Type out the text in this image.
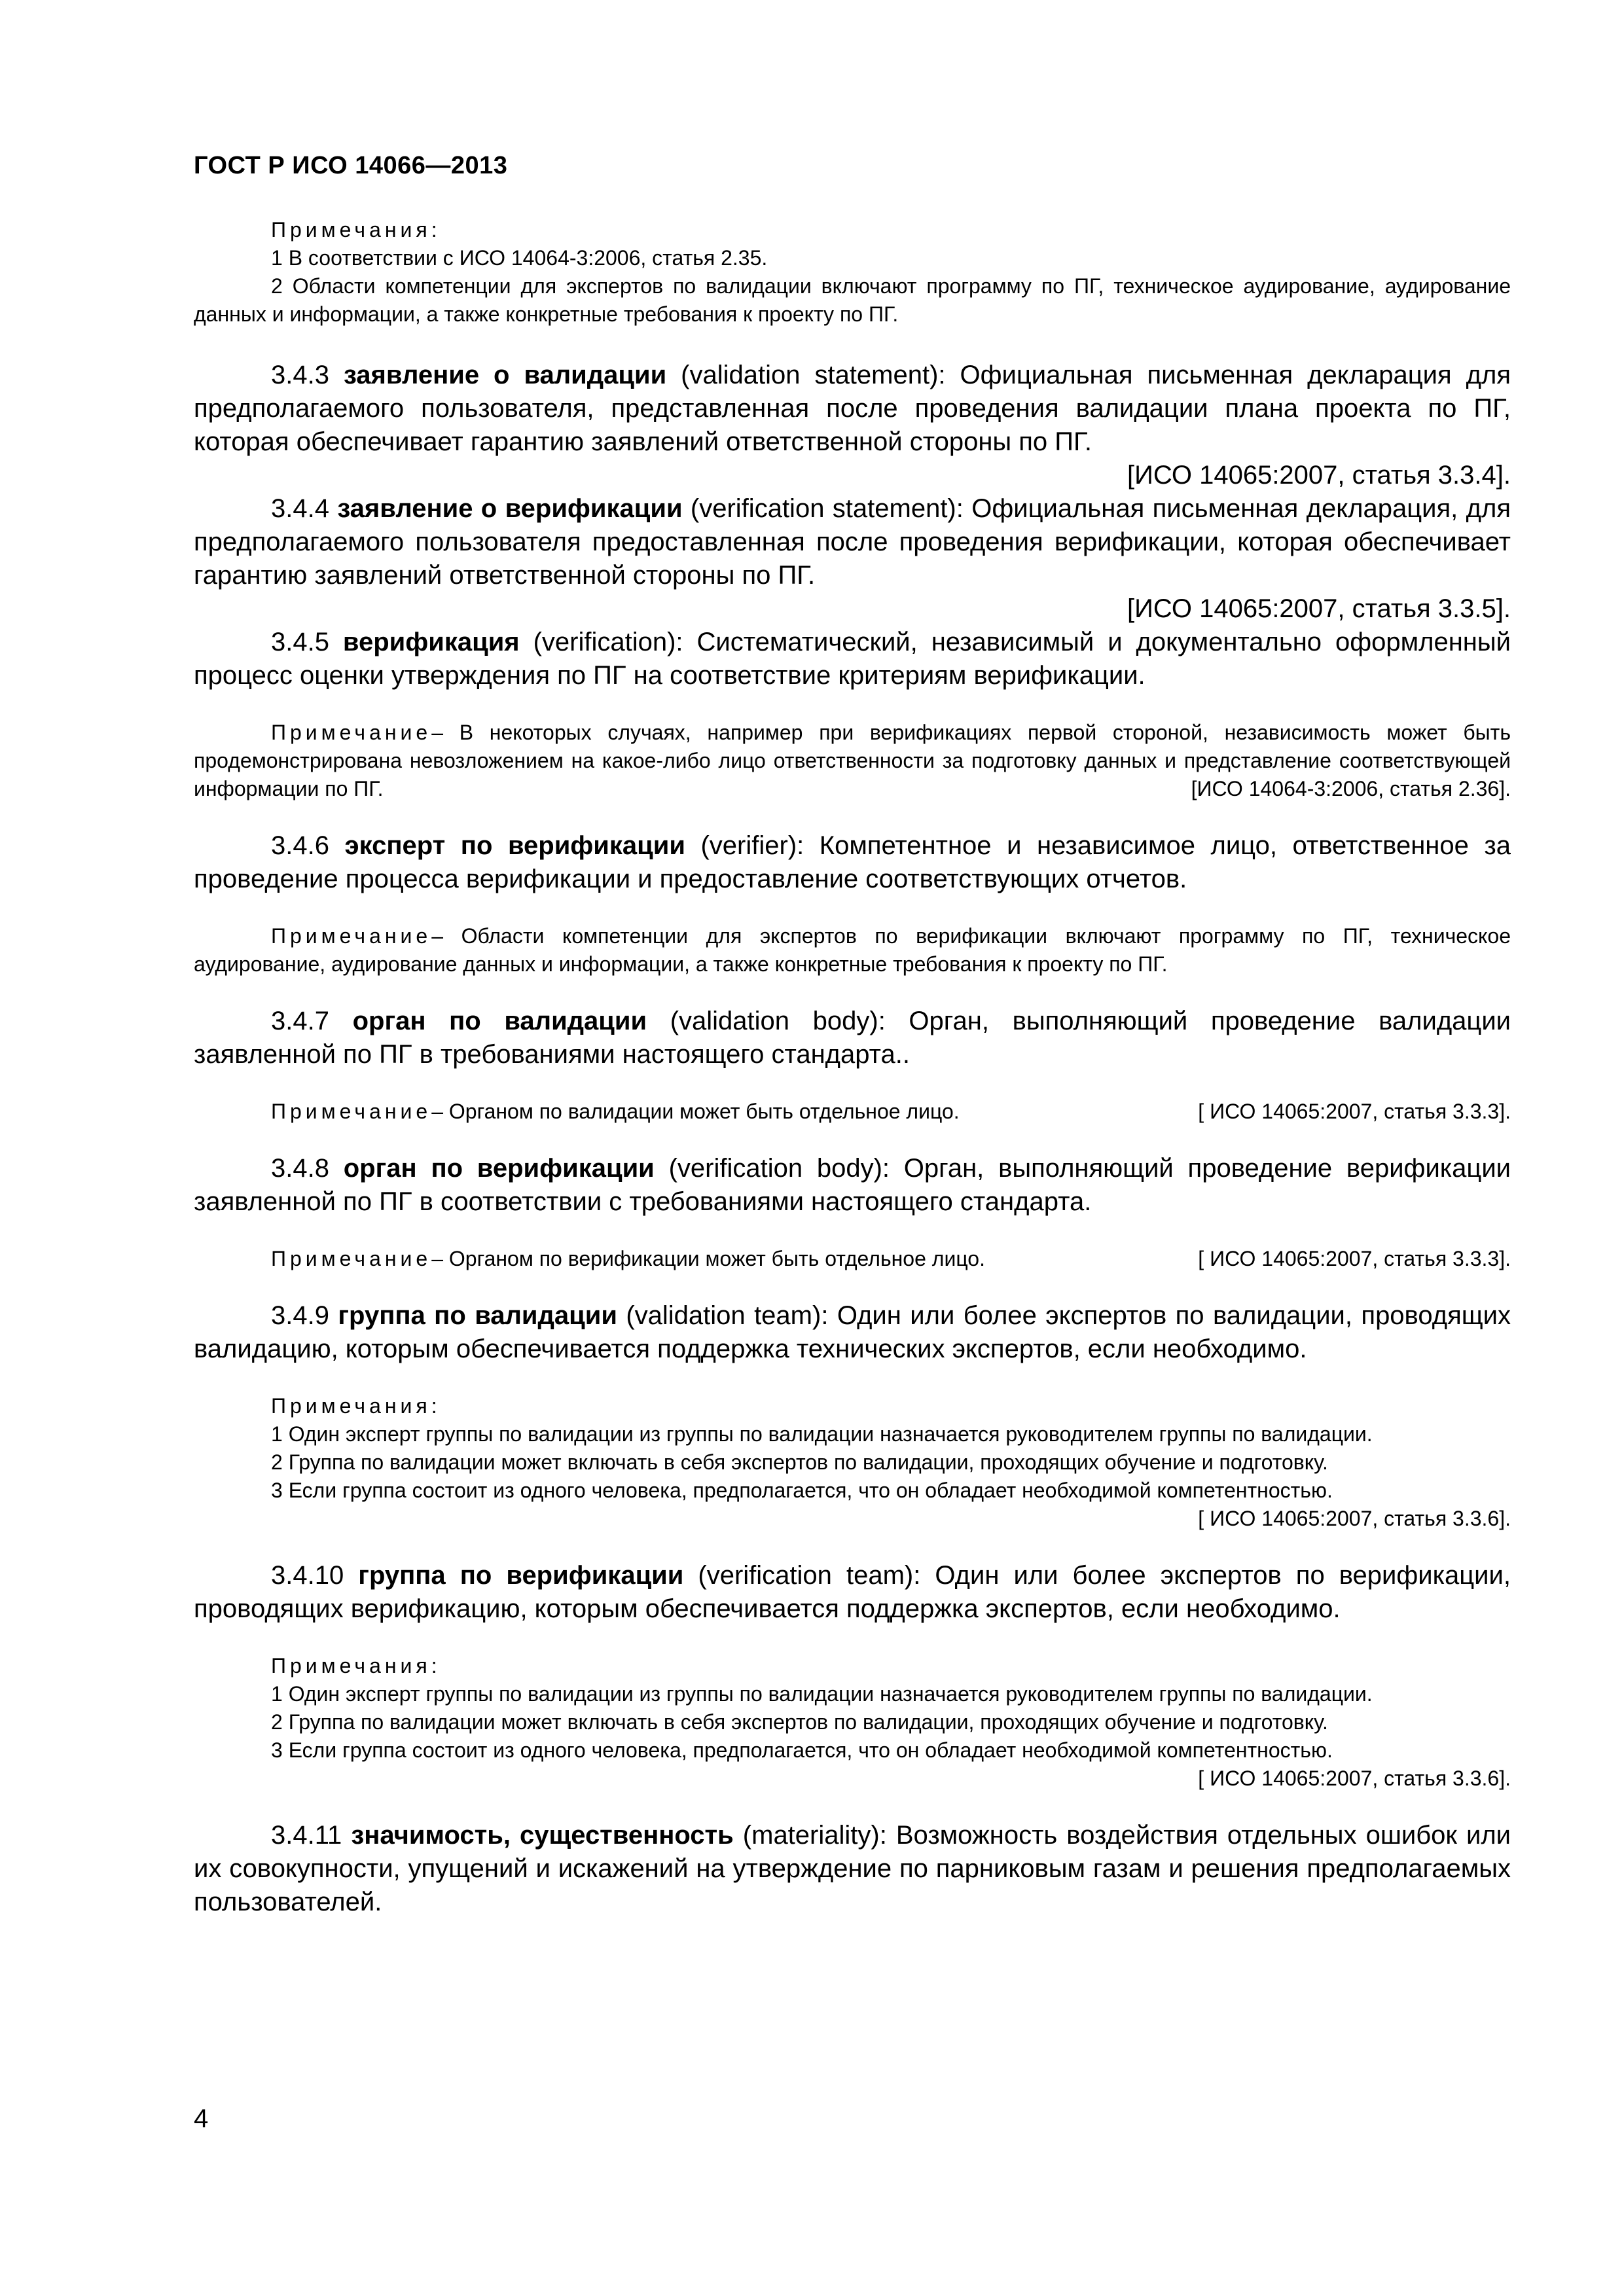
ГОСТ Р ИСО 14066—2013
Примечания:

1 В соответствии с ИСО 14064-3:2006, статья 2.35.

2 Области компетенции для экспертов по валидации включают программу по ПГ, техническое аудирование, аудирование данных и информации, а также конкретные требования к проекту по ПГ.

3.4.3 заявление о валидации (validation statement): Официальная письменная декларация для предполагаемого пользователя, представленная после проведения валидации плана проекта по ПГ, которая обеспечивает гарантию заявлений ответственной стороны по ПГ.

[ИСО 14065:2007, статья 3.3.4].

3.4.4 заявление о верификации (verification statement): Официальная письменная декларация, для предполагаемого пользователя предоставленная после проведения верификации, которая обеспечивает гарантию заявлений ответственной стороны по ПГ.

[ИСО 14065:2007, статья 3.3.5].

3.4.5 верификация (verification): Систематический, независимый и документально оформленный процесс оценки утверждения по ПГ на соответствие критериям верификации.

Примечание– В некоторых случаях, например при верификациях первой стороной, независимость может быть продемонстрирована невозложением на какое-либо лицо ответственности за подготовку данных и представление соответствующей информации по ПГ.	[ИСО 14064-3:2006, статья 2.36].

3.4.6 эксперт по верификации (verifier): Компетентное и независимое лицо, ответственное за проведение процесса верификации и предоставление соответствующих отчетов.

Примечание– Области компетенции для экспертов по верификации включают программу по ПГ, техническое аудирование, аудирование данных и информации, а также конкретные требования к проекту по ПГ.

3.4.7 орган по валидации (validation body): Орган, выполняющий проведение валидации заявленной по ПГ в требованиями настоящего стандарта..

Примечание– Органом по валидации может быть отдельное лицо.	[ ИСО 14065:2007, статья 3.3.3].

3.4.8 орган по верификации (verification body): Орган, выполняющий проведение верификации заявленной по ПГ в соответствии с требованиями настоящего стандарта.

Примечание– Органом по верификации может быть отдельное лицо.	[ ИСО 14065:2007, статья 3.3.3].

3.4.9 группа по валидации (validation team): Один или более экспертов по валидации, проводящих валидацию, которым обеспечивается поддержка технических экспертов, если необходимо.

Примечания:

1 Один эксперт группы по валидации из группы по валидации назначается руководителем группы по валидации.

2 Группа по валидации может включать в себя экспертов по валидации, проходящих обучение и подготовку.

3 Если группа состоит из одного человека, предполагается, что он обладает необходимой компетентностью.
[ ИСО 14065:2007, статья 3.3.6].

3.4.10 группа по верификации (verification team): Один или более экспертов по верификации, проводящих верификацию, которым обеспечивается поддержка экспертов, если необходимо.

Примечания:

1 Один эксперт группы по валидации из группы по валидации назначается руководителем группы по валидации.

2 Группа по валидации может включать в себя экспертов по валидации, проходящих обучение и подготовку.

3 Если группа состоит из одного человека, предполагается, что он обладает необходимой компетентностью.
[ ИСО 14065:2007, статья 3.3.6].

3.4.11 значимость, существенность (materiality): Возможность воздействия отдельных ошибок или их совокупности, упущений и искажений на утверждение по парниковым газам и решения предполагаемых пользователей.

4
